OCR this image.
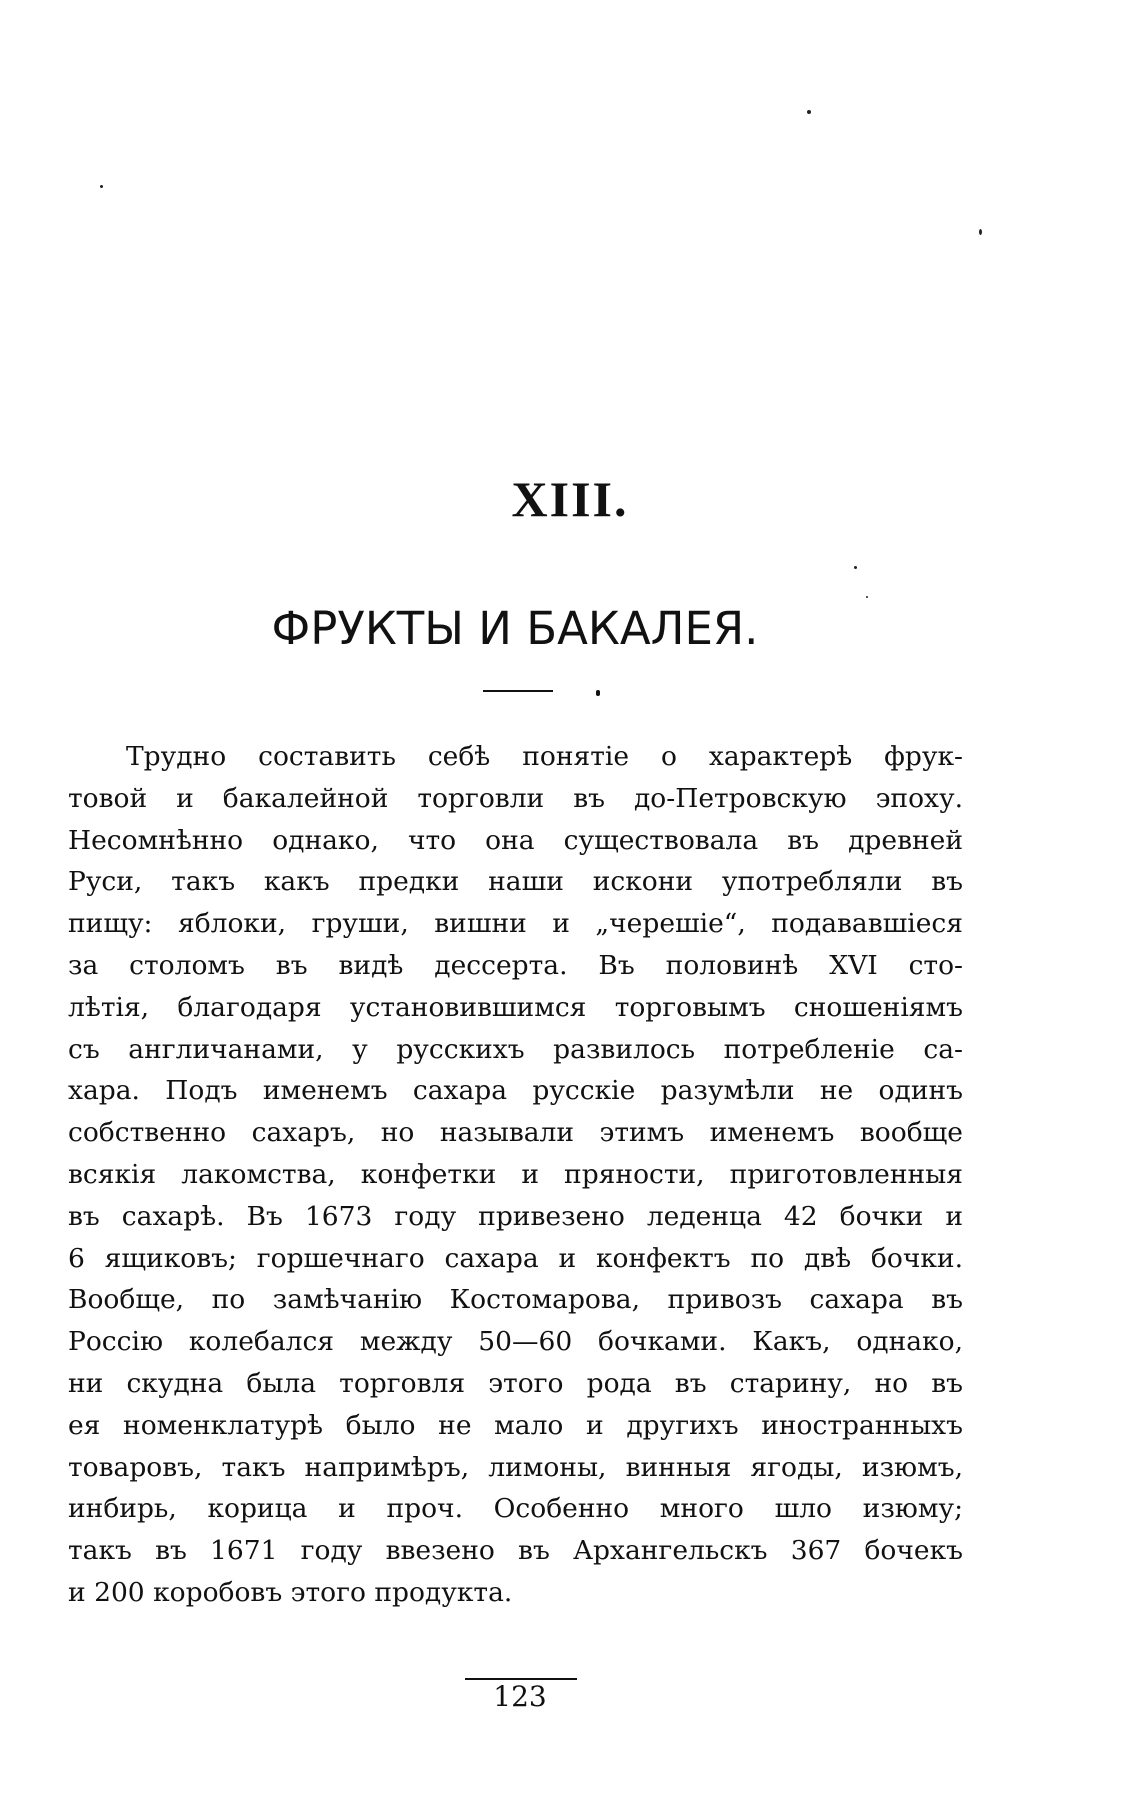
XIII.
ФРУКТЫ И БАКАЛЕЯ.
Трудно составить себѣ понятіе о характерѣ фрук-
товой и бакалейной торговли въ до-Петровскую эпоху.
Несомнѣнно однако, что она существовала въ древней
Руси, такъ какъ предки наши искони употребляли въ
пищу: яблоки, груши, вишни и „черешіе“, подававшіеся
за столомъ въ видѣ дессерта. Въ половинѣ XVI сто-
лѣтія, благодаря установившимся торговымъ сношеніямъ
съ англичанами, у русскихъ развилось потребленіе са-
хара. Подъ именемъ сахара русскіе разумѣли не одинъ
собственно сахаръ, но называли этимъ именемъ вообще
всякія лакомства, конфетки и пряности, приготовленныя
въ сахарѣ. Въ 1673 году привезено леденца 42 бочки и
6 ящиковъ; горшечнаго сахара и конфектъ по двѣ бочки.
Вообще, по замѣчанію Костомарова, привозъ сахара въ
Россію колебался между 50—60 бочками. Какъ, однако,
ни скудна была торговля этого рода въ старину, но въ
ея номенклатурѣ было не мало и другихъ иностранныхъ
товаровъ, такъ напримѣръ, лимоны, винныя ягоды, изюмъ,
инбирь, корица и проч. Особенно много шло изюму;
такъ въ 1671 году ввезено въ Архангельскъ 367 бочекъ
и 200 коробовъ этого продукта.
123
